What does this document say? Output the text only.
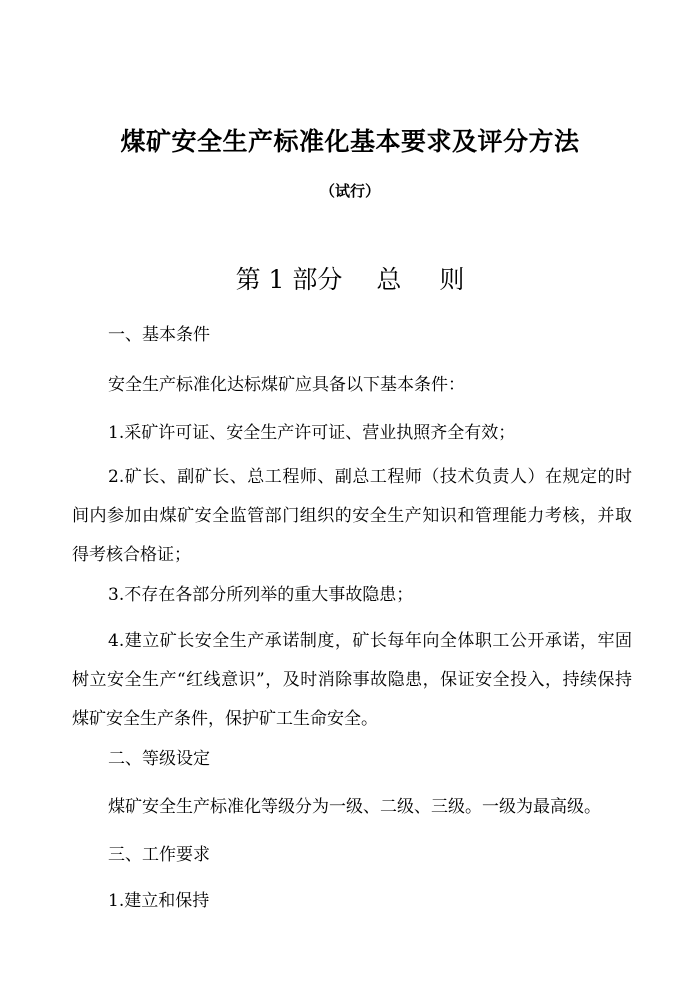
煤矿安全生产标准化基本要求及评分方法
（试行）
第 1 部分 总 则
一、基本条件
安全生产标准化达标煤矿应具备以下基本条件：
1.采矿许可证、安全生产许可证、营业执照齐全有效；
2.矿长、副矿长、总工程师、副总工程师（技术负责人）在规定的时间内参加由煤矿安全监管部门组织的安全生产知识和管理能力考核，并取得考核合格证；
3.不存在各部分所列举的重大事故隐患；
4.建立矿长安全生产承诺制度，矿长每年向全体职工公开承诺，牢固树立安全生产“红线意识”，及时消除事故隐患，保证安全投入，持续保持煤矿安全生产条件，保护矿工生命安全。
二、等级设定
煤矿安全生产标准化等级分为一级、二级、三级。一级为最高级。
三、工作要求
1.建立和保持
